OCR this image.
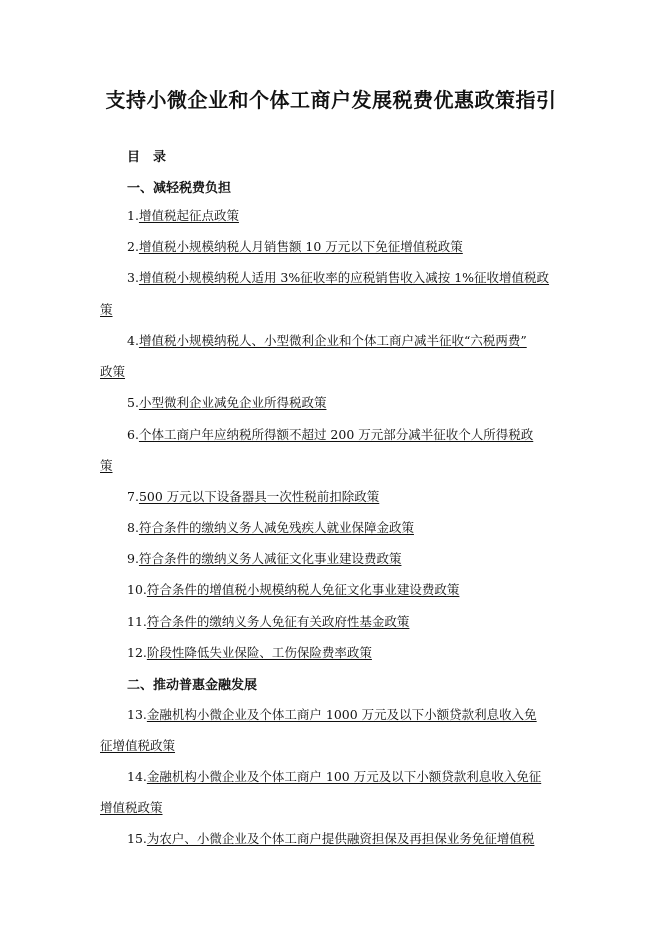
支持小微企业和个体工商户发展税费优惠政策指引
目　录
一、减轻税费负担
1.增值税起征点政策
2.增值税小规模纳税人月销售额 10 万元以下免征增值税政策
3.增值税小规模纳税人适用 3%征收率的应税销售收入减按 1%征收增值税政
策
4.增值税小规模纳税人、小型微利企业和个体工商户减半征收“六税两费”
政策
5.小型微利企业减免企业所得税政策
6.个体工商户年应纳税所得额不超过 200 万元部分减半征收个人所得税政
策
7.500 万元以下设备器具一次性税前扣除政策
8.符合条件的缴纳义务人减免残疾人就业保障金政策
9.符合条件的缴纳义务人减征文化事业建设费政策
10.符合条件的增值税小规模纳税人免征文化事业建设费政策
11.符合条件的缴纳义务人免征有关政府性基金政策
12.阶段性降低失业保险、工伤保险费率政策
二、推动普惠金融发展
13.金融机构小微企业及个体工商户 1000 万元及以下小额贷款利息收入免
征增值税政策
14.金融机构小微企业及个体工商户 100 万元及以下小额贷款利息收入免征
增值税政策
15.为农户、小微企业及个体工商户提供融资担保及再担保业务免征增值税
